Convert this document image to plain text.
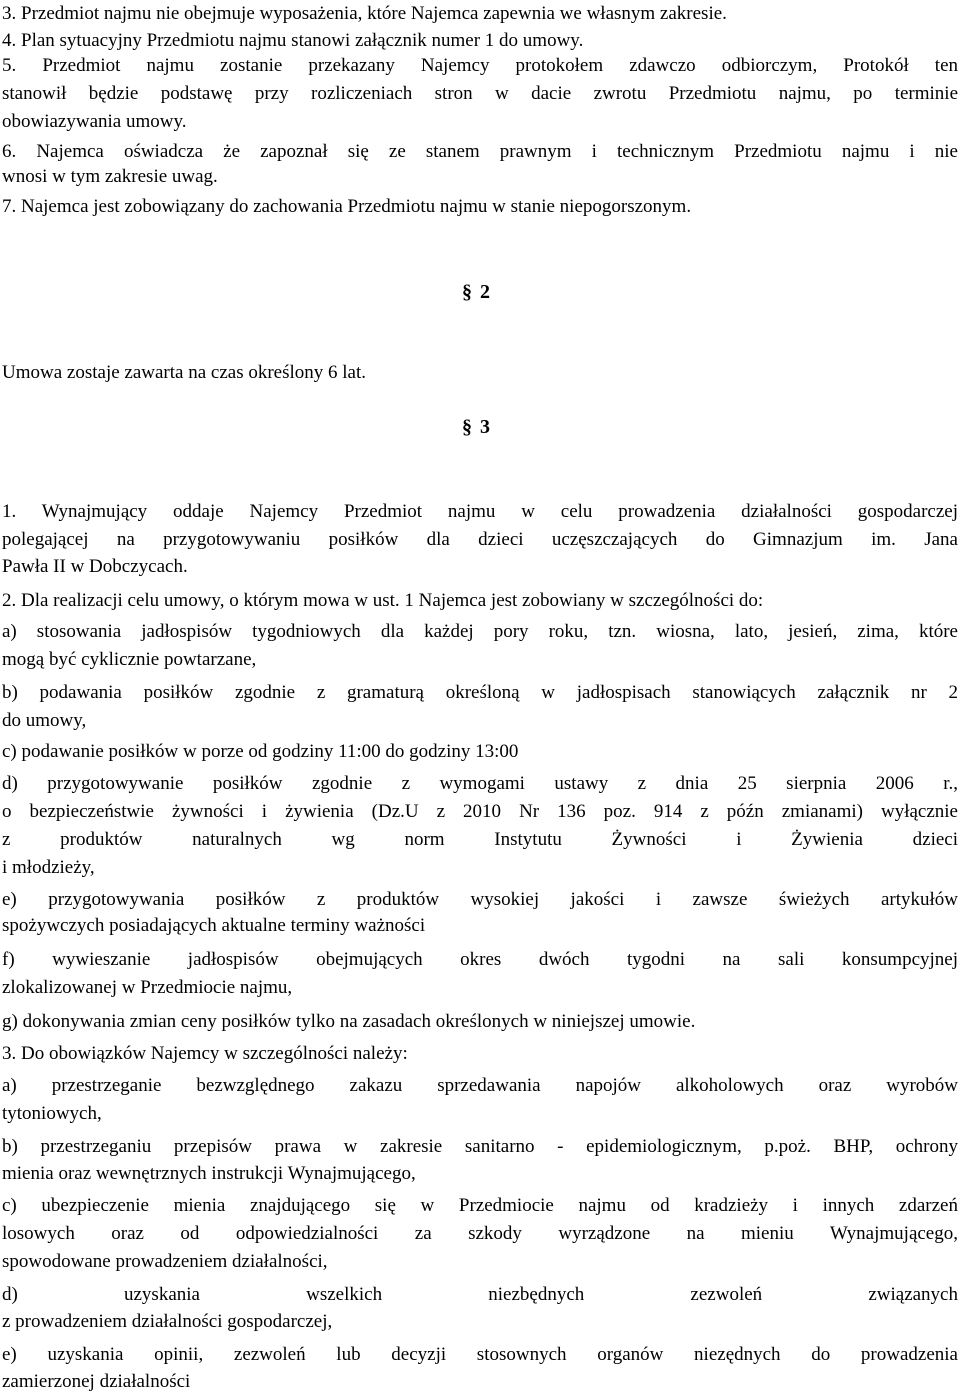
3. Przedmiot najmu nie obejmuje wyposażenia, które Najemca zapewnia we własnym zakresie.
4. Plan sytuacyjny Przedmiotu najmu stanowi załącznik numer 1 do umowy.
5. Przedmiot najmu zostanie przekazany Najemcy protokołem zdawczo odbiorczym, Protokół ten
stanowił będzie podstawę przy rozliczeniach stron w dacie zwrotu Przedmiotu najmu, po terminie
obowiazywania umowy.
6. Najemca oświadcza że zapoznał się ze stanem prawnym i technicznym Przedmiotu najmu i nie
wnosi w tym zakresie uwag.
7. Najemca jest zobowiązany do zachowania Przedmiotu najmu w stanie niepogorszonym.
§ 2
Umowa zostaje zawarta na czas określony 6 lat.
§ 3
1. Wynajmujący oddaje Najemcy Przedmiot najmu w celu prowadzenia działalności gospodarczej
polegającej na przygotowywaniu posiłków dla dzieci uczęszczających do Gimnazjum im. Jana
Pawła II w Dobczycach.
2. Dla realizacji celu umowy, o którym mowa w ust. 1 Najemca jest zobowiany w szczególności do:
a) stosowania jadłospisów tygodniowych dla każdej pory roku, tzn. wiosna, lato, jesień, zima, które
mogą być cyklicznie powtarzane,
b) podawania posiłków zgodnie z gramaturą określoną w jadłospisach stanowiących załącznik nr 2
do umowy,
c) podawanie posiłków w porze od godziny 11:00 do godziny 13:00
d) przygotowywanie posiłków zgodnie z wymogami ustawy z dnia 25 sierpnia 2006 r.,
o bezpieczeństwie żywności i żywienia (Dz.U z 2010 Nr 136 poz. 914 z późn zmianami) wyłącznie
z produktów naturalnych wg norm Instytutu Żywności i Żywienia dzieci
i młodzieży,
e) przygotowywania posiłków z produktów wysokiej jakości i zawsze świeżych artykułów
spożywczych posiadających aktualne terminy ważności
f) wywieszanie jadłospisów obejmujących okres dwóch tygodni na sali konsumpcyjnej
zlokalizowanej w Przedmiocie najmu,
g) dokonywania zmian ceny posiłków tylko na zasadach określonych w niniejszej umowie.
3. Do obowiązków Najemcy w szczególności należy:
a) przestrzeganie bezwzględnego zakazu sprzedawania napojów alkoholowych oraz wyrobów
tytoniowych,
b) przestrzeganiu przepisów prawa w zakresie sanitarno - epidemiologicznym, p.poż. BHP, ochrony
mienia oraz wewnętrznych instrukcji Wynajmującego,
c) ubezpieczenie mienia znajdującego się w Przedmiocie najmu od kradzieży i innych zdarzeń
losowych oraz od odpowiedzialności za szkody wyrządzone na mieniu Wynajmującego,
spowodowane prowadzeniem działalności,
d) uzyskania wszelkich niezbędnych zezwoleń związanych
z prowadzeniem działalności gospodarczej,
e) uzyskania opinii, zezwoleń lub decyzji stosownych organów niezędnych do prowadzenia
zamierzonej działalności
